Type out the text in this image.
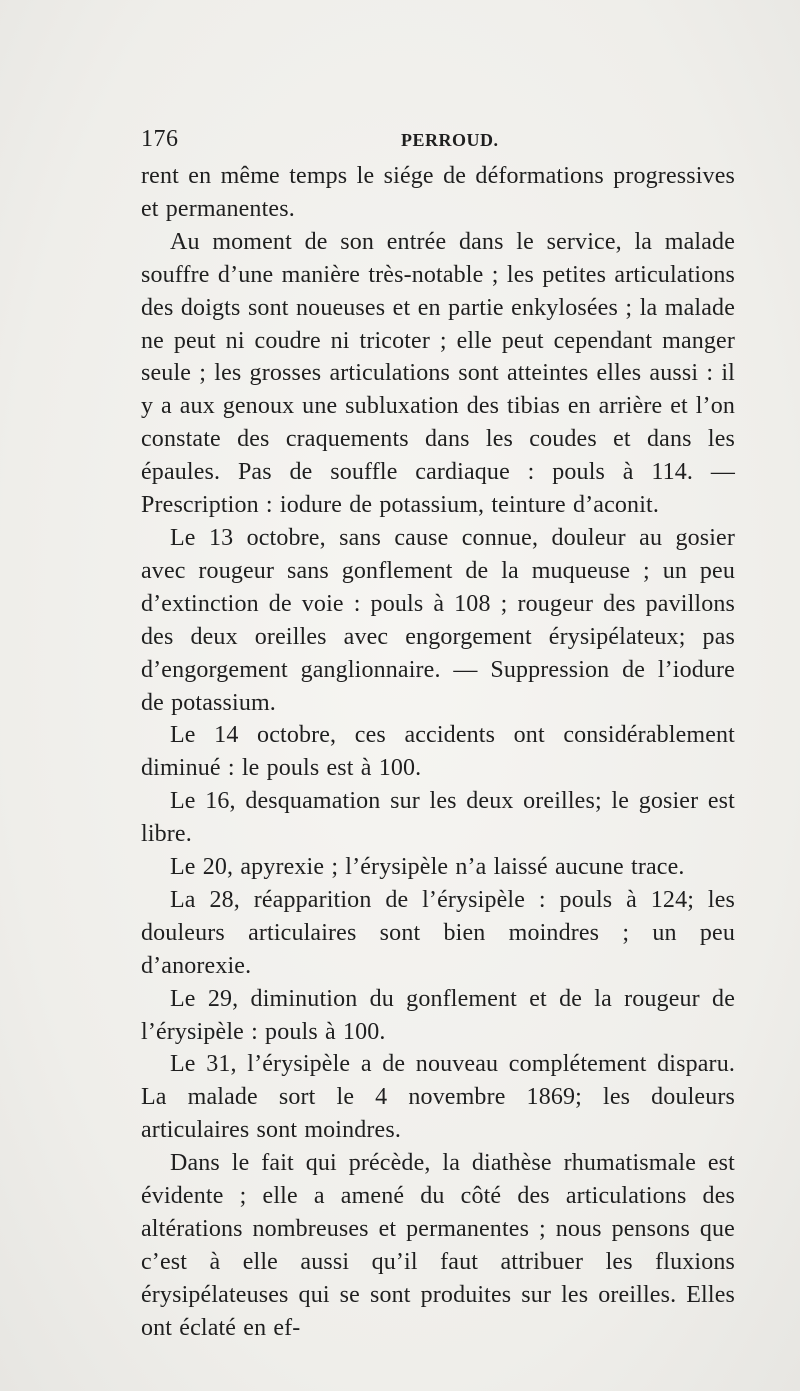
176	PERROUD.

rent en même temps le siége de déformations progressives et permanentes.

Au moment de son entrée dans le service, la malade souffre d’une manière très-notable ; les petites articulations des doigts sont noueuses et en partie enkylosées ; la malade ne peut ni coudre ni tricoter ; elle peut cependant manger seule ; les grosses articulations sont atteintes elles aussi : il y a aux genoux une subluxation des tibias en arrière et l’on constate des craquements dans les coudes et dans les épaules. Pas de souffle cardiaque : pouls à 114. — Prescription : iodure de potassium, teinture d’aconit.

Le 13 octobre, sans cause connue, douleur au gosier avec rougeur sans gonflement de la muqueuse ; un peu d’extinction de voie : pouls à 108 ; rougeur des pavillons des deux oreilles avec engorgement érysipélateux; pas d’engorgement ganglionnaire. — Suppression de l’iodure de potassium.

Le 14 octobre, ces accidents ont considérablement diminué : le pouls est à 100.

Le 16, desquamation sur les deux oreilles; le gosier est libre.

Le 20, apyrexie ; l’érysipèle n’a laissé aucune trace.

La 28, réapparition de l’érysipèle : pouls à 124; les douleurs articulaires sont bien moindres ; un peu d’anorexie.

Le 29, diminution du gonflement et de la rougeur de l’érysipèle : pouls à 100.

Le 31, l’érysipèle a de nouveau complétement disparu. La malade sort le 4 novembre 1869; les douleurs articulaires sont moindres.

Dans le fait qui précède, la diathèse rhumatismale est évidente ; elle a amené du côté des articulations des altérations nombreuses et permanentes ; nous pensons que c’est à elle aussi qu’il faut attribuer les fluxions érysipélateuses qui se sont produites sur les oreilles. Elles ont éclaté en ef-
